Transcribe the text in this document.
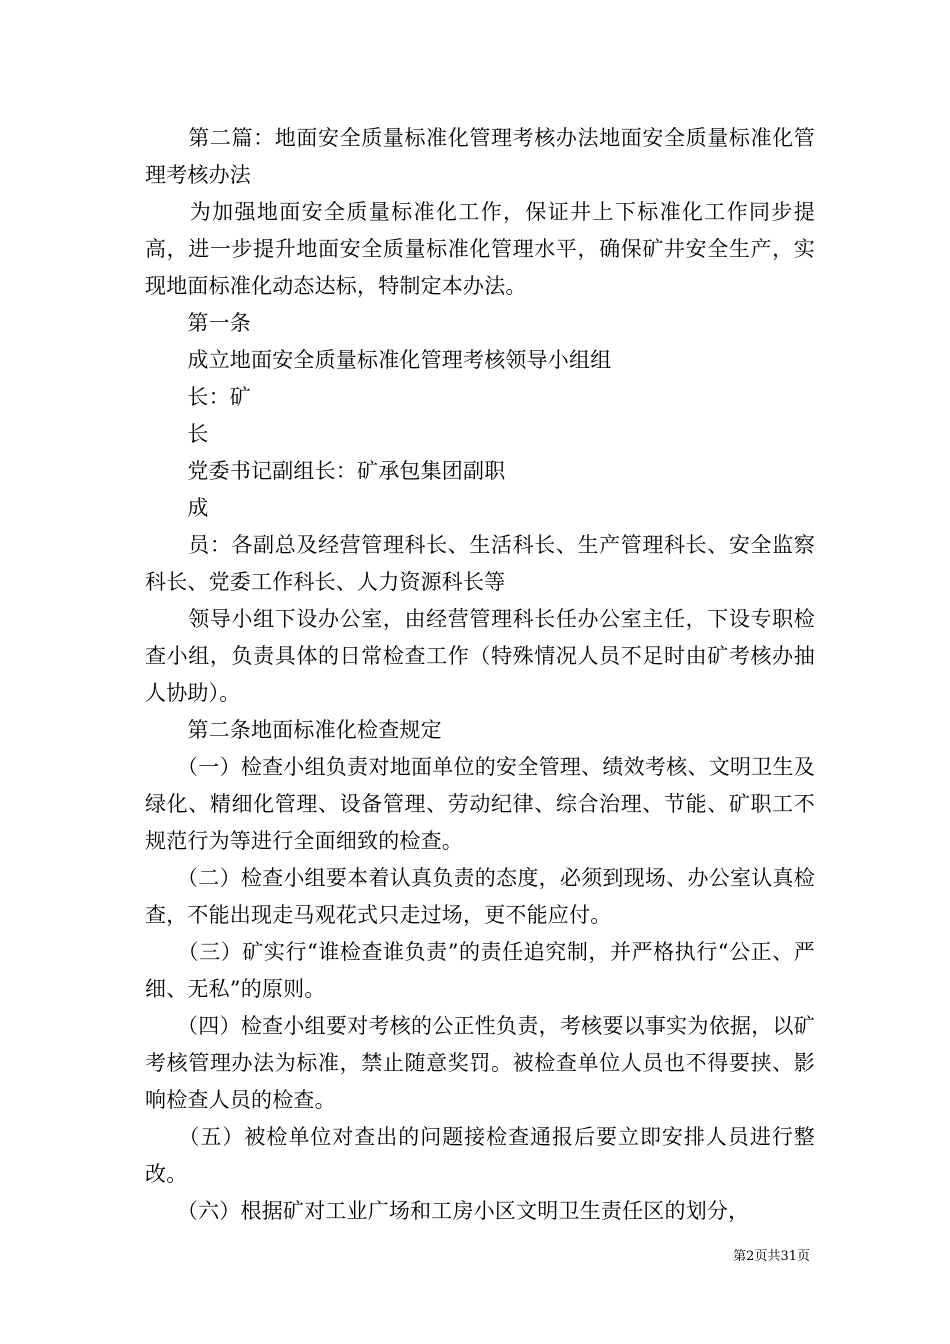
　　第二篇：地面安全质量标准化管理考核办法地面安全质量标准化管理考核办法

　　为加强地面安全质量标准化工作，保证井上下标准化工作同步提高，进一步提升地面安全质量标准化管理水平，确保矿井安全生产，实现地面标准化动态达标，特制定本办法。

　　第一条

　　成立地面安全质量标准化管理考核领导小组组

　　长：矿

　　长

　　党委书记副组长：矿承包集团副职

　　成

　　员：各副总及经营管理科长、生活科长、生产管理科长、安全监察科长、党委工作科长、人力资源科长等

　　领导小组下设办公室，由经营管理科长任办公室主任，下设专职检查小组，负责具体的日常检查工作（特殊情况人员不足时由矿考核办抽人协助）。

　　第二条地面标准化检查规定

　　（一）检查小组负责对地面单位的安全管理、绩效考核、文明卫生及绿化、精细化管理、设备管理、劳动纪律、综合治理、节能、矿职工不规范行为等进行全面细致的检查。

　　（二）检查小组要本着认真负责的态度，必须到现场、办公室认真检查，不能出现走马观花式只走过场，更不能应付。

　　（三）矿实行“谁检查谁负责”的责任追究制，并严格执行“公正、严细、无私”的原则。

　　（四）检查小组要对考核的公正性负责，考核要以事实为依据，以矿考核管理办法为标准，禁止随意奖罚。被检查单位人员也不得要挟、影响检查人员的检查。

　　（五）被检单位对查出的问题接检查通报后要立即安排人员进行整改。

　　（六）根据矿对工业广场和工房小区文明卫生责任区的划分，

第2页共31页
